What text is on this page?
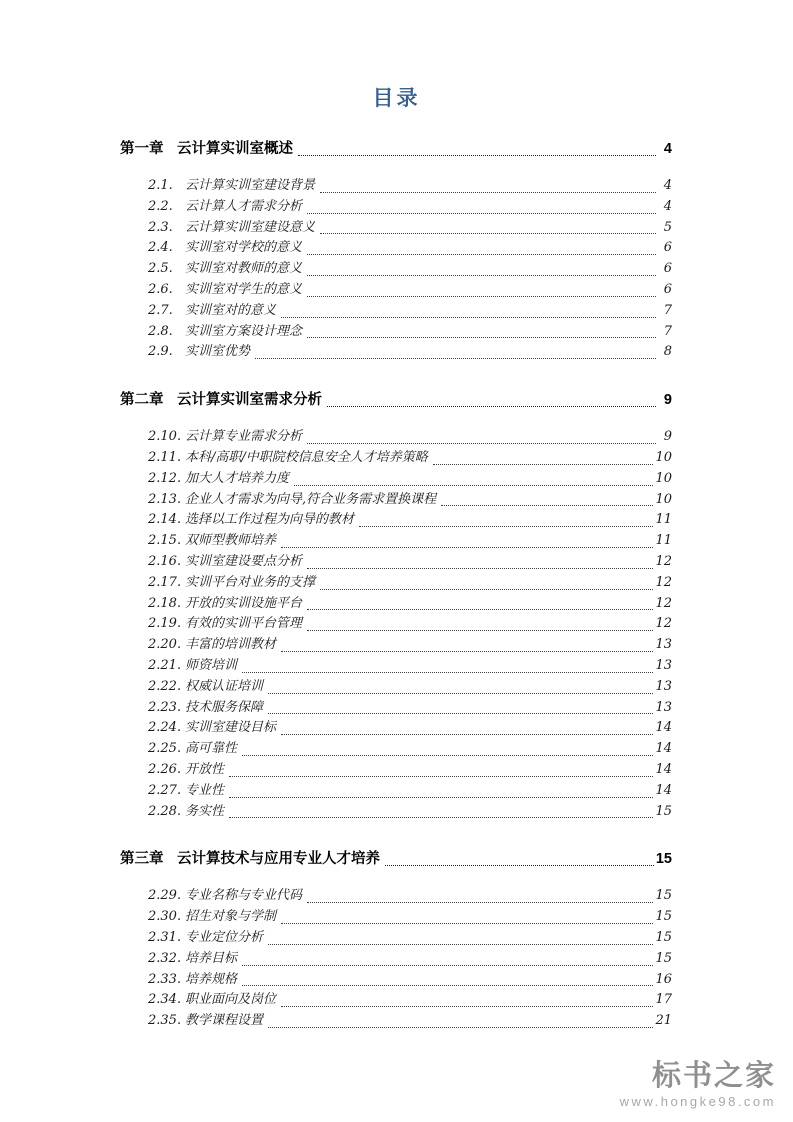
目录
第一章 云计算实训室概述	4
2.1. 云计算实训室建设背景	4
2.2. 云计算人才需求分析	4
2.3. 云计算实训室建设意义	5
2.4. 实训室对学校的意义	6
2.5. 实训室对教师的意义	6
2.6. 实训室对学生的意义	6
2.7. 实训室对的意义	7
2.8. 实训室方案设计理念	7
2.9. 实训室优势	8
第二章 云计算实训室需求分析	9
2.10. 云计算专业需求分析	9
2.11. 本科/高职/中职院校信息安全人才培养策略	10
2.12. 加大人才培养力度	10
2.13. 企业人才需求为向导,符合业务需求置换课程	10
2.14. 选择以工作过程为向导的教材	11
2.15. 双师型教师培养	11
2.16. 实训室建设要点分析	12
2.17. 实训平台对业务的支撑	12
2.18. 开放的实训设施平台	12
2.19. 有效的实训平台管理	12
2.20. 丰富的培训教材	13
2.21. 师资培训	13
2.22. 权威认证培训	13
2.23. 技术服务保障	13
2.24. 实训室建设目标	14
2.25. 高可靠性	14
2.26. 开放性	14
2.27. 专业性	14
2.28. 务实性	15
第三章 云计算技术与应用专业人才培养	15
2.29. 专业名称与专业代码	15
2.30. 招生对象与学制	15
2.31. 专业定位分析	15
2.32. 培养目标	15
2.33. 培养规格	16
2.34. 职业面向及岗位	17
2.35. 教学课程设置	21
标书之家
www.hongke98.com
